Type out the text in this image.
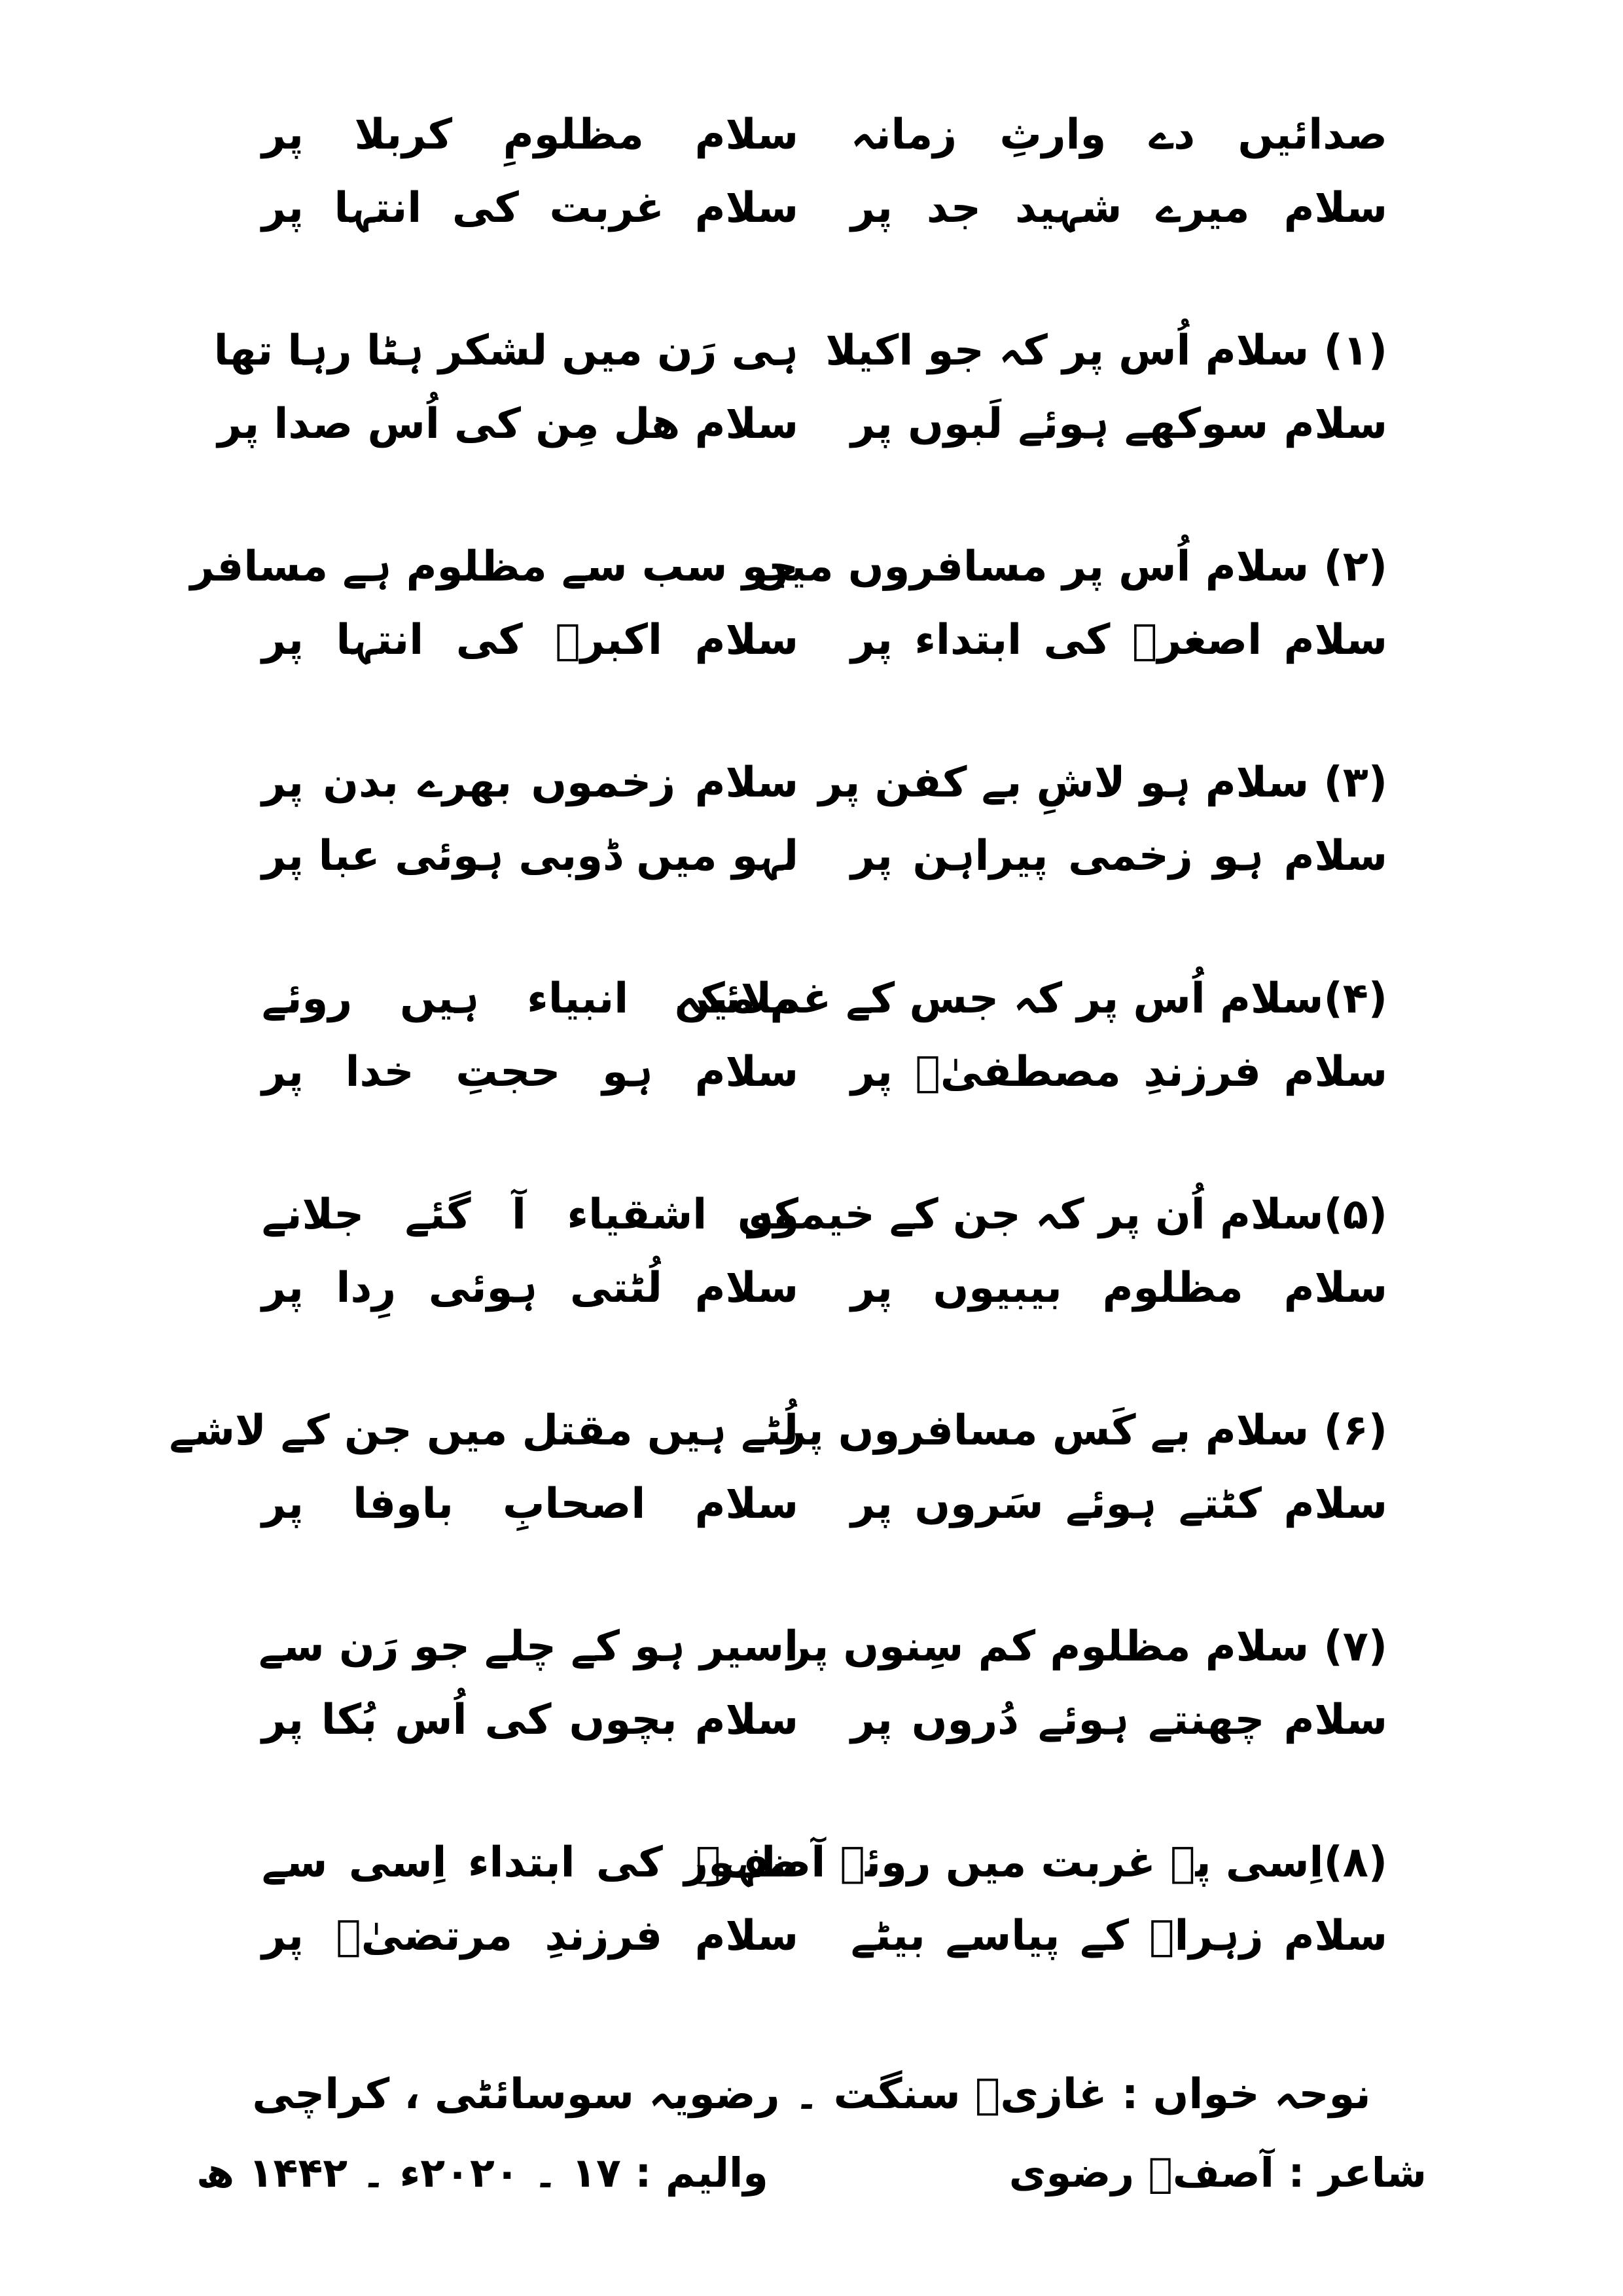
صدائیں دے وارثِ زمانہ
سلام مظلومِ کربلا پر
سلام میرے شہید جد پر
سلام غربت کی انتہا پر
(۱) سلام اُس پر کہ جو اکیلا
ہی رَن میں لشکر ہٹا رہا تھا
سلام سوکھے ہوئے لَبوں پر
سلام ھل مِن کی اُس صدا پر
(۲) سلام اُس پر مسافروں میں
جو سب سے مظلوم ہے مسافر
سلام اصغرؑ کی ابتداء پر
سلام اکبرؑ کی انتہا پر
(۳) سلام ہو لاشِ بے کفن پر
سلام زخموں بھرے بدن پر
سلام ہو زخمی پیراہن پر
لہو میں ڈوبی ہوئی عبا پر
(۴)سلام اُس پر کہ جس کے غم میں
ملائکہ انبیاء ہیں روئے
سلام فرزندِ مصطفیٰؐ پر
سلام ہو حجتِ خدا پر
(۵)سلام اُن پر کہ جن کے خیموں
کو اشقیاء آ گئے جلانے
سلام مظلوم بیبیوں پر
سلام لُٹتی ہوئی رِدا پر
(۶) سلام بے کَس مسافروں پر
لُٹے ہیں مقتل میں جن کے لاشے
سلام کٹتے ہوئے سَروں پر
سلام اصحابِ باوفا پر
(۷) سلام مظلوم کم سِنوں پر
اسیر ہو کے چلے جو رَن سے
سلام چھنتے ہوئے دُروں پر
سلام بچوں کی اُس بُکا پر
(۸)اِسی پہ غربت میں روئے آصفؔ
ظہور کی ابتداء اِسی سے
سلام زہراؑ کے پیاسے بیٹے
سلام فرزندِ مرتضیٰؑ پر
نوحہ خواں : غازیؑ سنگت ۔ رضویہ سوسائٹی ، کراچی
شاعر : آصفؔ رضوی
والیم : ۱۷ ۔ ۲۰۲۰ء ۔ ۱۴۴۲ ھ
